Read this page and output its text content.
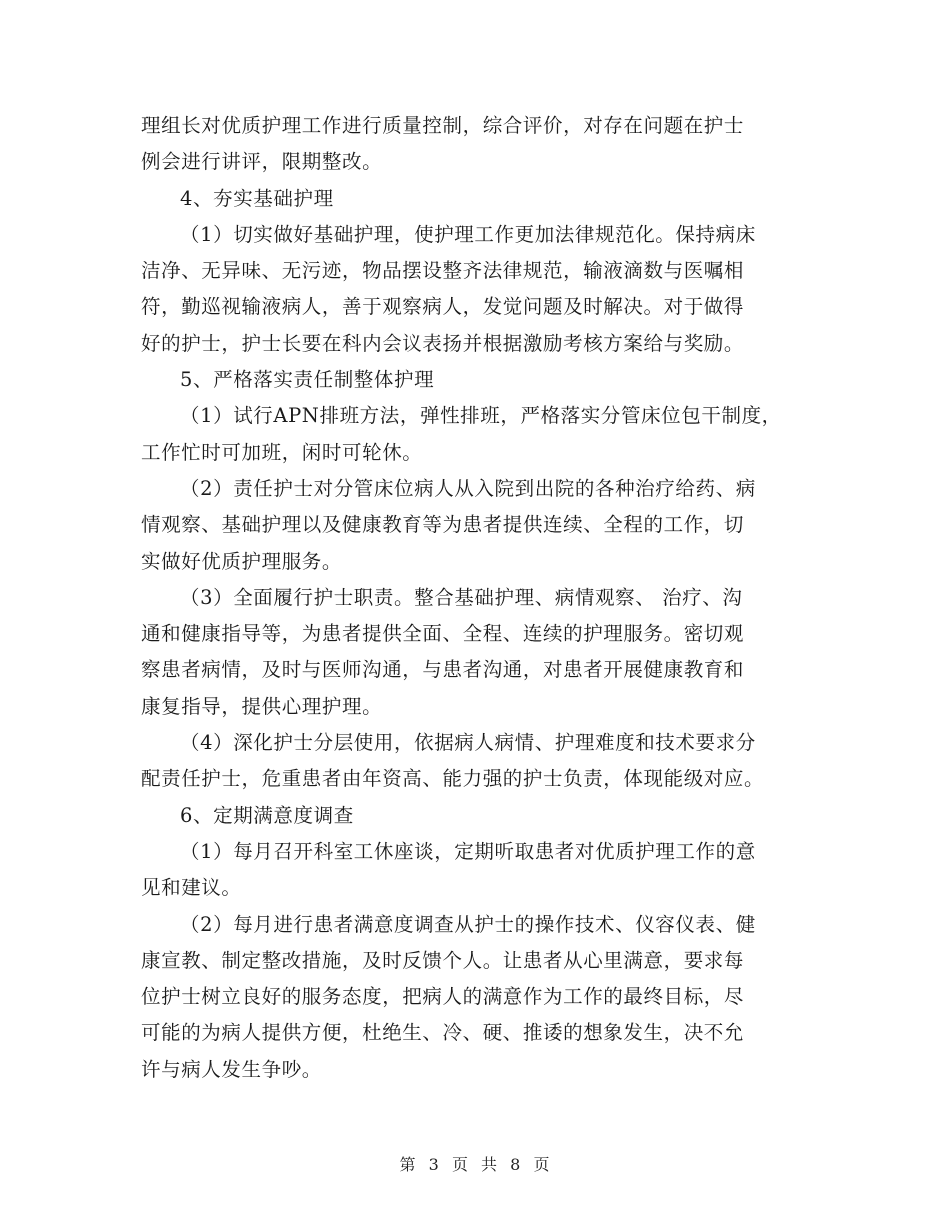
理组长对优质护理工作进行质量控制，综合评价，对存在问题在护士
例会进行讲评，限期整改。
4、夯实基础护理
（1）切实做好基础护理，使护理工作更加法律规范化。保持病床
洁净、无异味、无污迹，物品摆设整齐法律规范，输液滴数与医嘱相
符，勤巡视输液病人，善于观察病人，发觉问题及时解决。对于做得
好的护士，护士长要在科内会议表扬并根据激励考核方案给与奖励。
5、严格落实责任制整体护理
（1）试行APN排班方法，弹性排班，严格落实分管床位包干制度，
工作忙时可加班，闲时可轮休。
（2）责任护士对分管床位病人从入院到出院的各种治疗给药、病
情观察、基础护理以及健康教育等为患者提供连续、全程的工作，切
实做好优质护理服务。
（3）全面履行护士职责。整合基础护理、病情观察、 治疗、沟
通和健康指导等，为患者提供全面、全程、连续的护理服务。密切观
察患者病情，及时与医师沟通，与患者沟通，对患者开展健康教育和
康复指导，提供心理护理。
（4）深化护士分层使用，依据病人病情、护理难度和技术要求分
配责任护士，危重患者由年资高、能力强的护士负责，体现能级对应。
6、定期满意度调查
（1）每月召开科室工休座谈，定期听取患者对优质护理工作的意
见和建议。
（2）每月进行患者满意度调查从护士的操作技术、仪容仪表、健
康宣教、制定整改措施，及时反馈个人。让患者从心里满意，要求每
位护士树立良好的服务态度，把病人的满意作为工作的最终目标，尽
可能的为病人提供方便，杜绝生、冷、硬、推诿的想象发生，决不允
许与病人发生争吵。
第 3 页 共 8 页
